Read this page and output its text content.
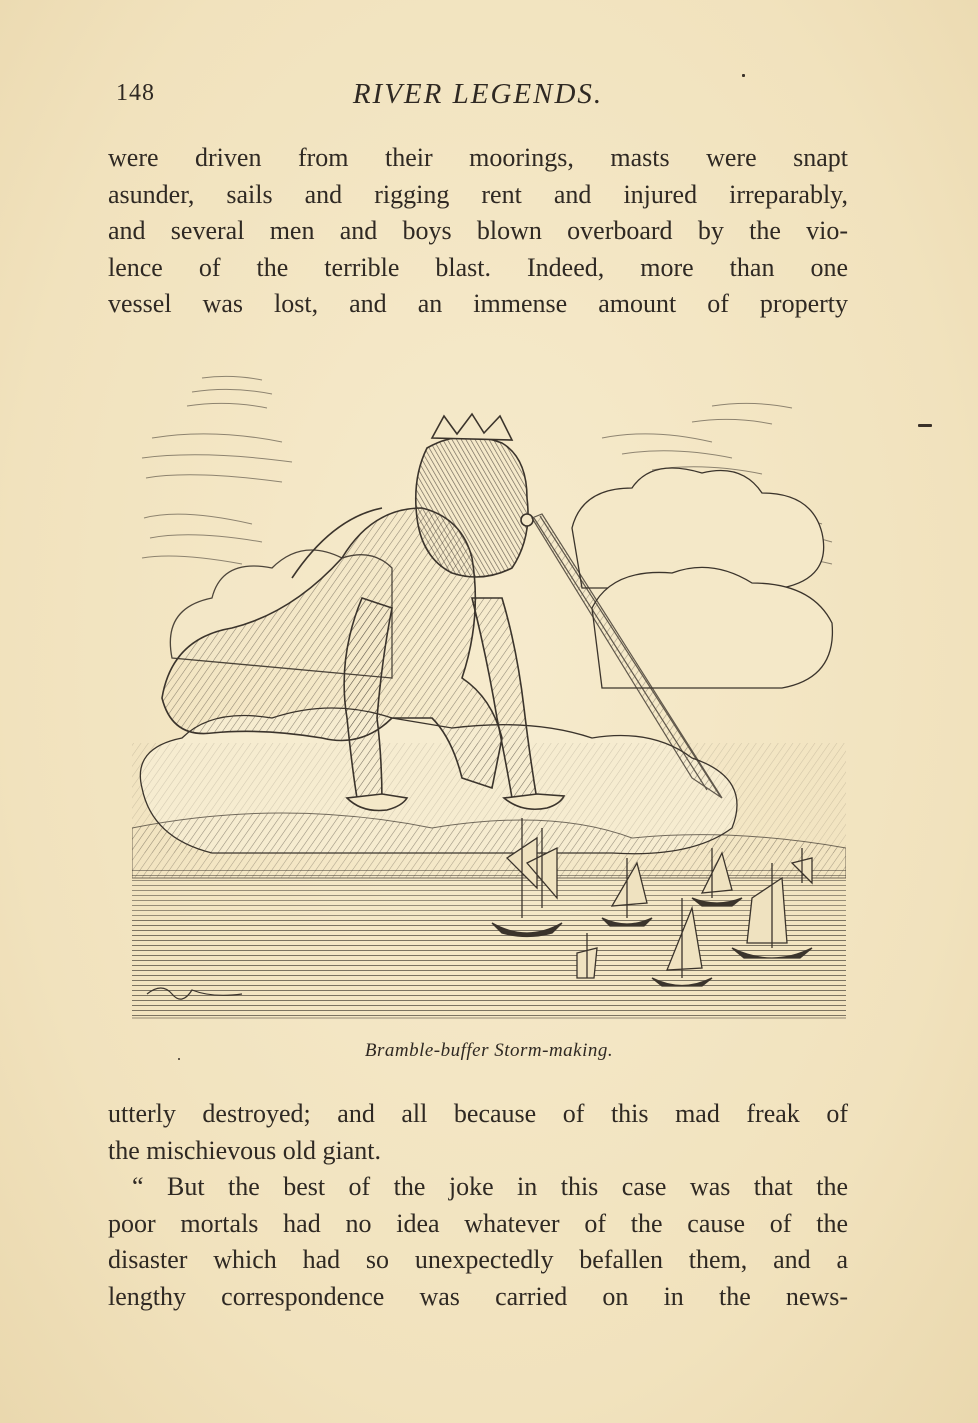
148	RIVER LEGENDS.
were driven from their moorings, masts were snapt
asunder, sails and rigging rent and injured irreparably,
and several men and boys blown overboard by the vio-
lence of the terrible blast. Indeed, more than one
vessel was lost, and an immense amount of property
Bramble-buffer Storm-making.
utterly destroyed; and all because of this mad freak of
the mischievous old giant.
“ But the best of the joke in this case was that the
poor mortals had no idea whatever of the cause of the
disaster which had so unexpectedly befallen them, and a
lengthy correspondence was carried on in the news-
